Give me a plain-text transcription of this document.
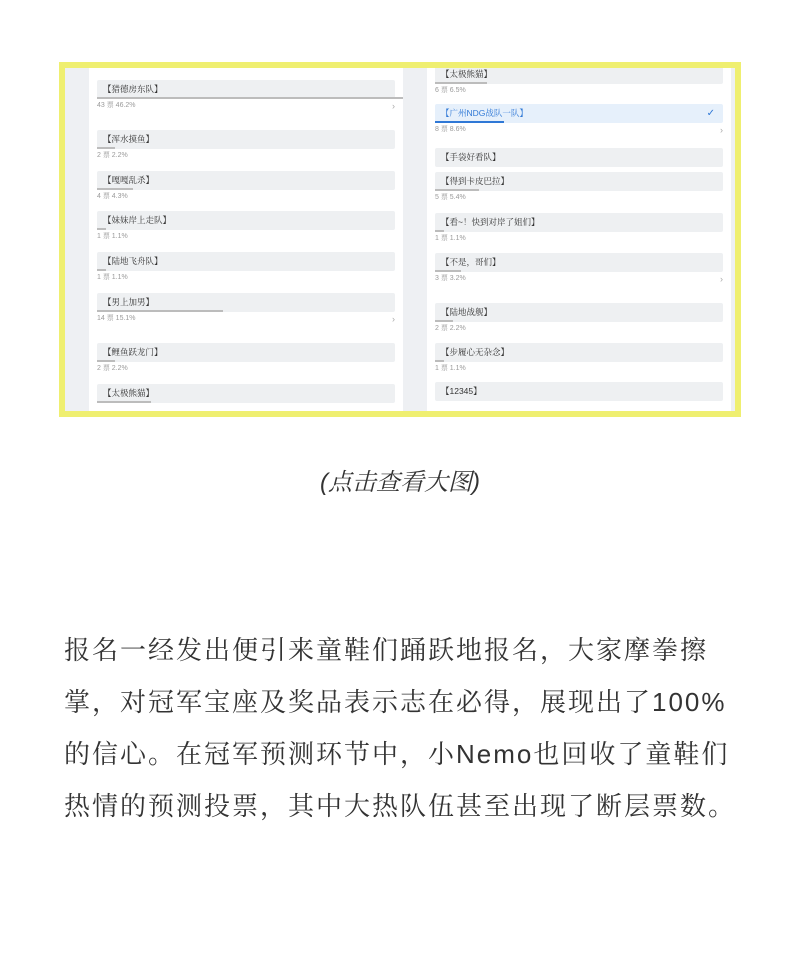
【猎德房东队】
43 票 46.2%	›
【浑水摸鱼】
2 票 2.2%
【嘎嘎乱杀】
4 票 4.3%
【妹妹岸上走队】
1 票 1.1%
【陆地飞舟队】
1 票 1.1%
【男上加男】
14 票 15.1%	›
【鲤鱼跃龙门】
2 票 2.2%
【太极熊猫】
【太极熊猫】
6 票 6.5%
【广州NDG战队一队】	✓
8 票 8.6%	›
【手袋好看队】
【得到卡皮巴拉】
5 票 5.4%
【看~！快到对岸了姐们】
1 票 1.1%
【不是，哥们】
3 票 3.2%	›
【陆地战舰】
2 票 2.2%
【步履心无杂念】
1 票 1.1%
【12345】
(点击查看大图)
报名一经发出便引来童鞋们踊跃地报名，大家摩拳擦掌，对冠军宝座及奖品表示志在必得，展现出了100%的信心。在冠军预测环节中，小Nemo也回收了童鞋们热情的预测投票，其中大热队伍甚至出现了断层票数。
